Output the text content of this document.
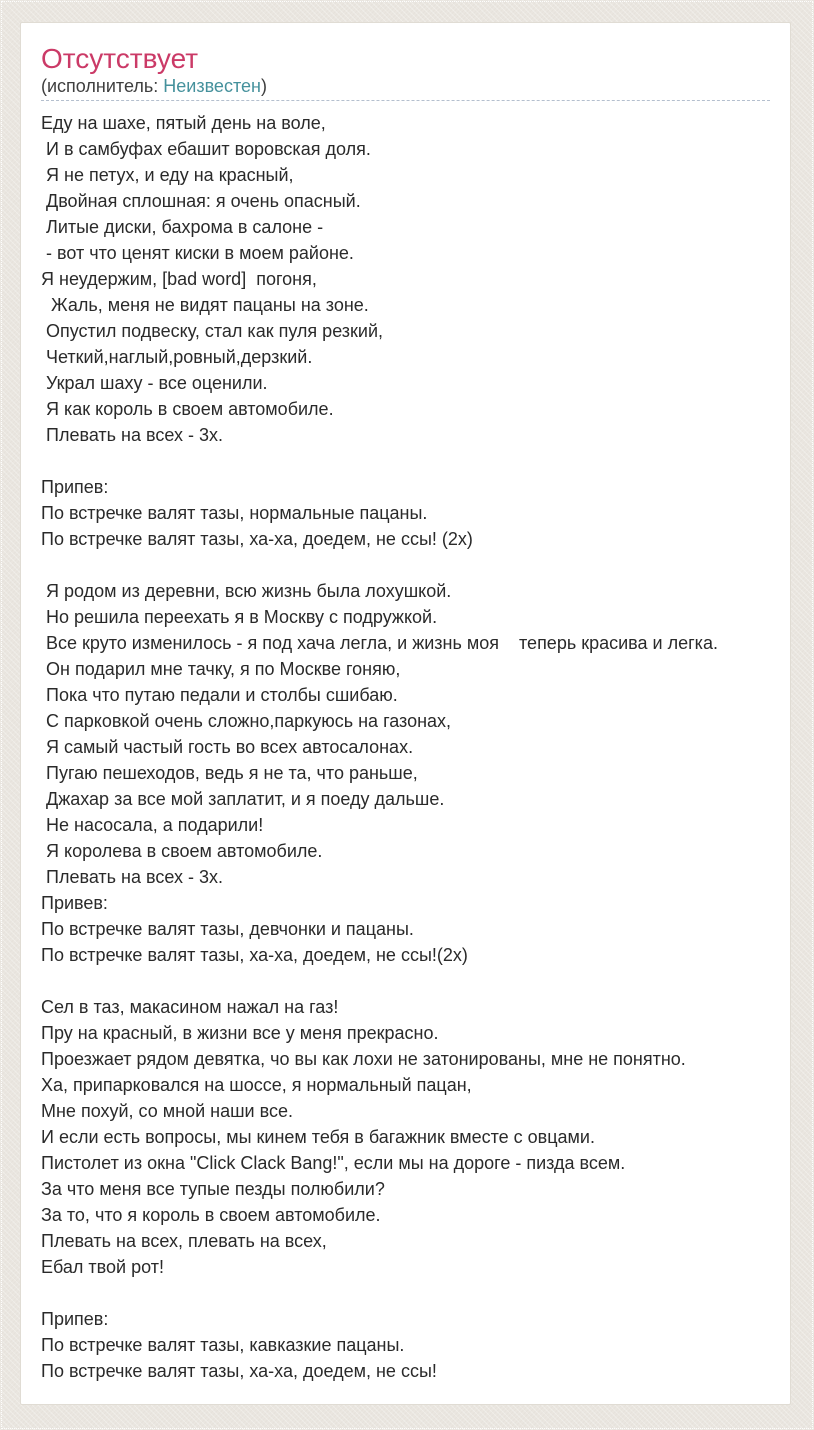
Отсутствует
(исполнитель: Неизвестен)
Еду на шахе, пятый день на воле,
И в самбуфах ебашит воровская доля.
Я не петух, и еду на красный,
Двойная сплошная: я очень опасный.
Литые диски, бахрома в салоне -
- вот что ценят киски в моем районе.
Я неудержим, [bad word]  погоня,
Жаль, меня не видят пацаны на зоне.
Опустил подвеску, стал как пуля резкий,
Четкий,наглый,ровный,дерзкий.
Украл шаху - все оценили.
Я как король в своем автомобиле.
Плевать на всех - 3х.
Припев:
По встречке валят тазы, нормальные пацаны.
По встречке валят тазы, ха-ха, доедем, не ссы! (2х)
Я родом из деревни, всю жизнь была лохушкой.
Но решила переехать я в Москву с подружкой.
Все круто изменилось - я под хача легла, и жизнь моя    теперь красива и легка.
Он подарил мне тачку, я по Москве гоняю,
Пока что путаю педали и столбы сшибаю.
С парковкой очень сложно,паркуюсь на газонах,
Я самый частый гость во всех автосалонах.
Пугаю пешеходов, ведь я не та, что раньше,
Джахар за все мой заплатит, и я поеду дальше.
Не насосала, а подарили!
Я королева в своем автомобиле.
Плевать на всех - 3х.
Привев:
По встречке валят тазы, девчонки и пацаны.
По встречке валят тазы, ха-ха, доедем, не ссы!(2х)
Сел в таз, макасином нажал на газ!
Пру на красный, в жизни все у меня прекрасно.
Проезжает рядом девятка, чо вы как лохи не затонированы, мне не понятно.
Ха, припарковался на шоссе, я нормальный пацан,
Мне похуй, со мной наши все.
И если есть вопросы, мы кинем тебя в багажник вместе с овцами.
Пистолет из окна "Click Clack Bang!", если мы на дороге - пизда всем.
За что меня все тупые пезды полюбили?
За то, что я король в своем автомобиле.
Плевать на всех, плевать на всех,
Ебал твой рот!
Припев:
По встречке валят тазы, кавказкие пацаны.
По встречке валят тазы, ха-ха, доедем, не ссы!
